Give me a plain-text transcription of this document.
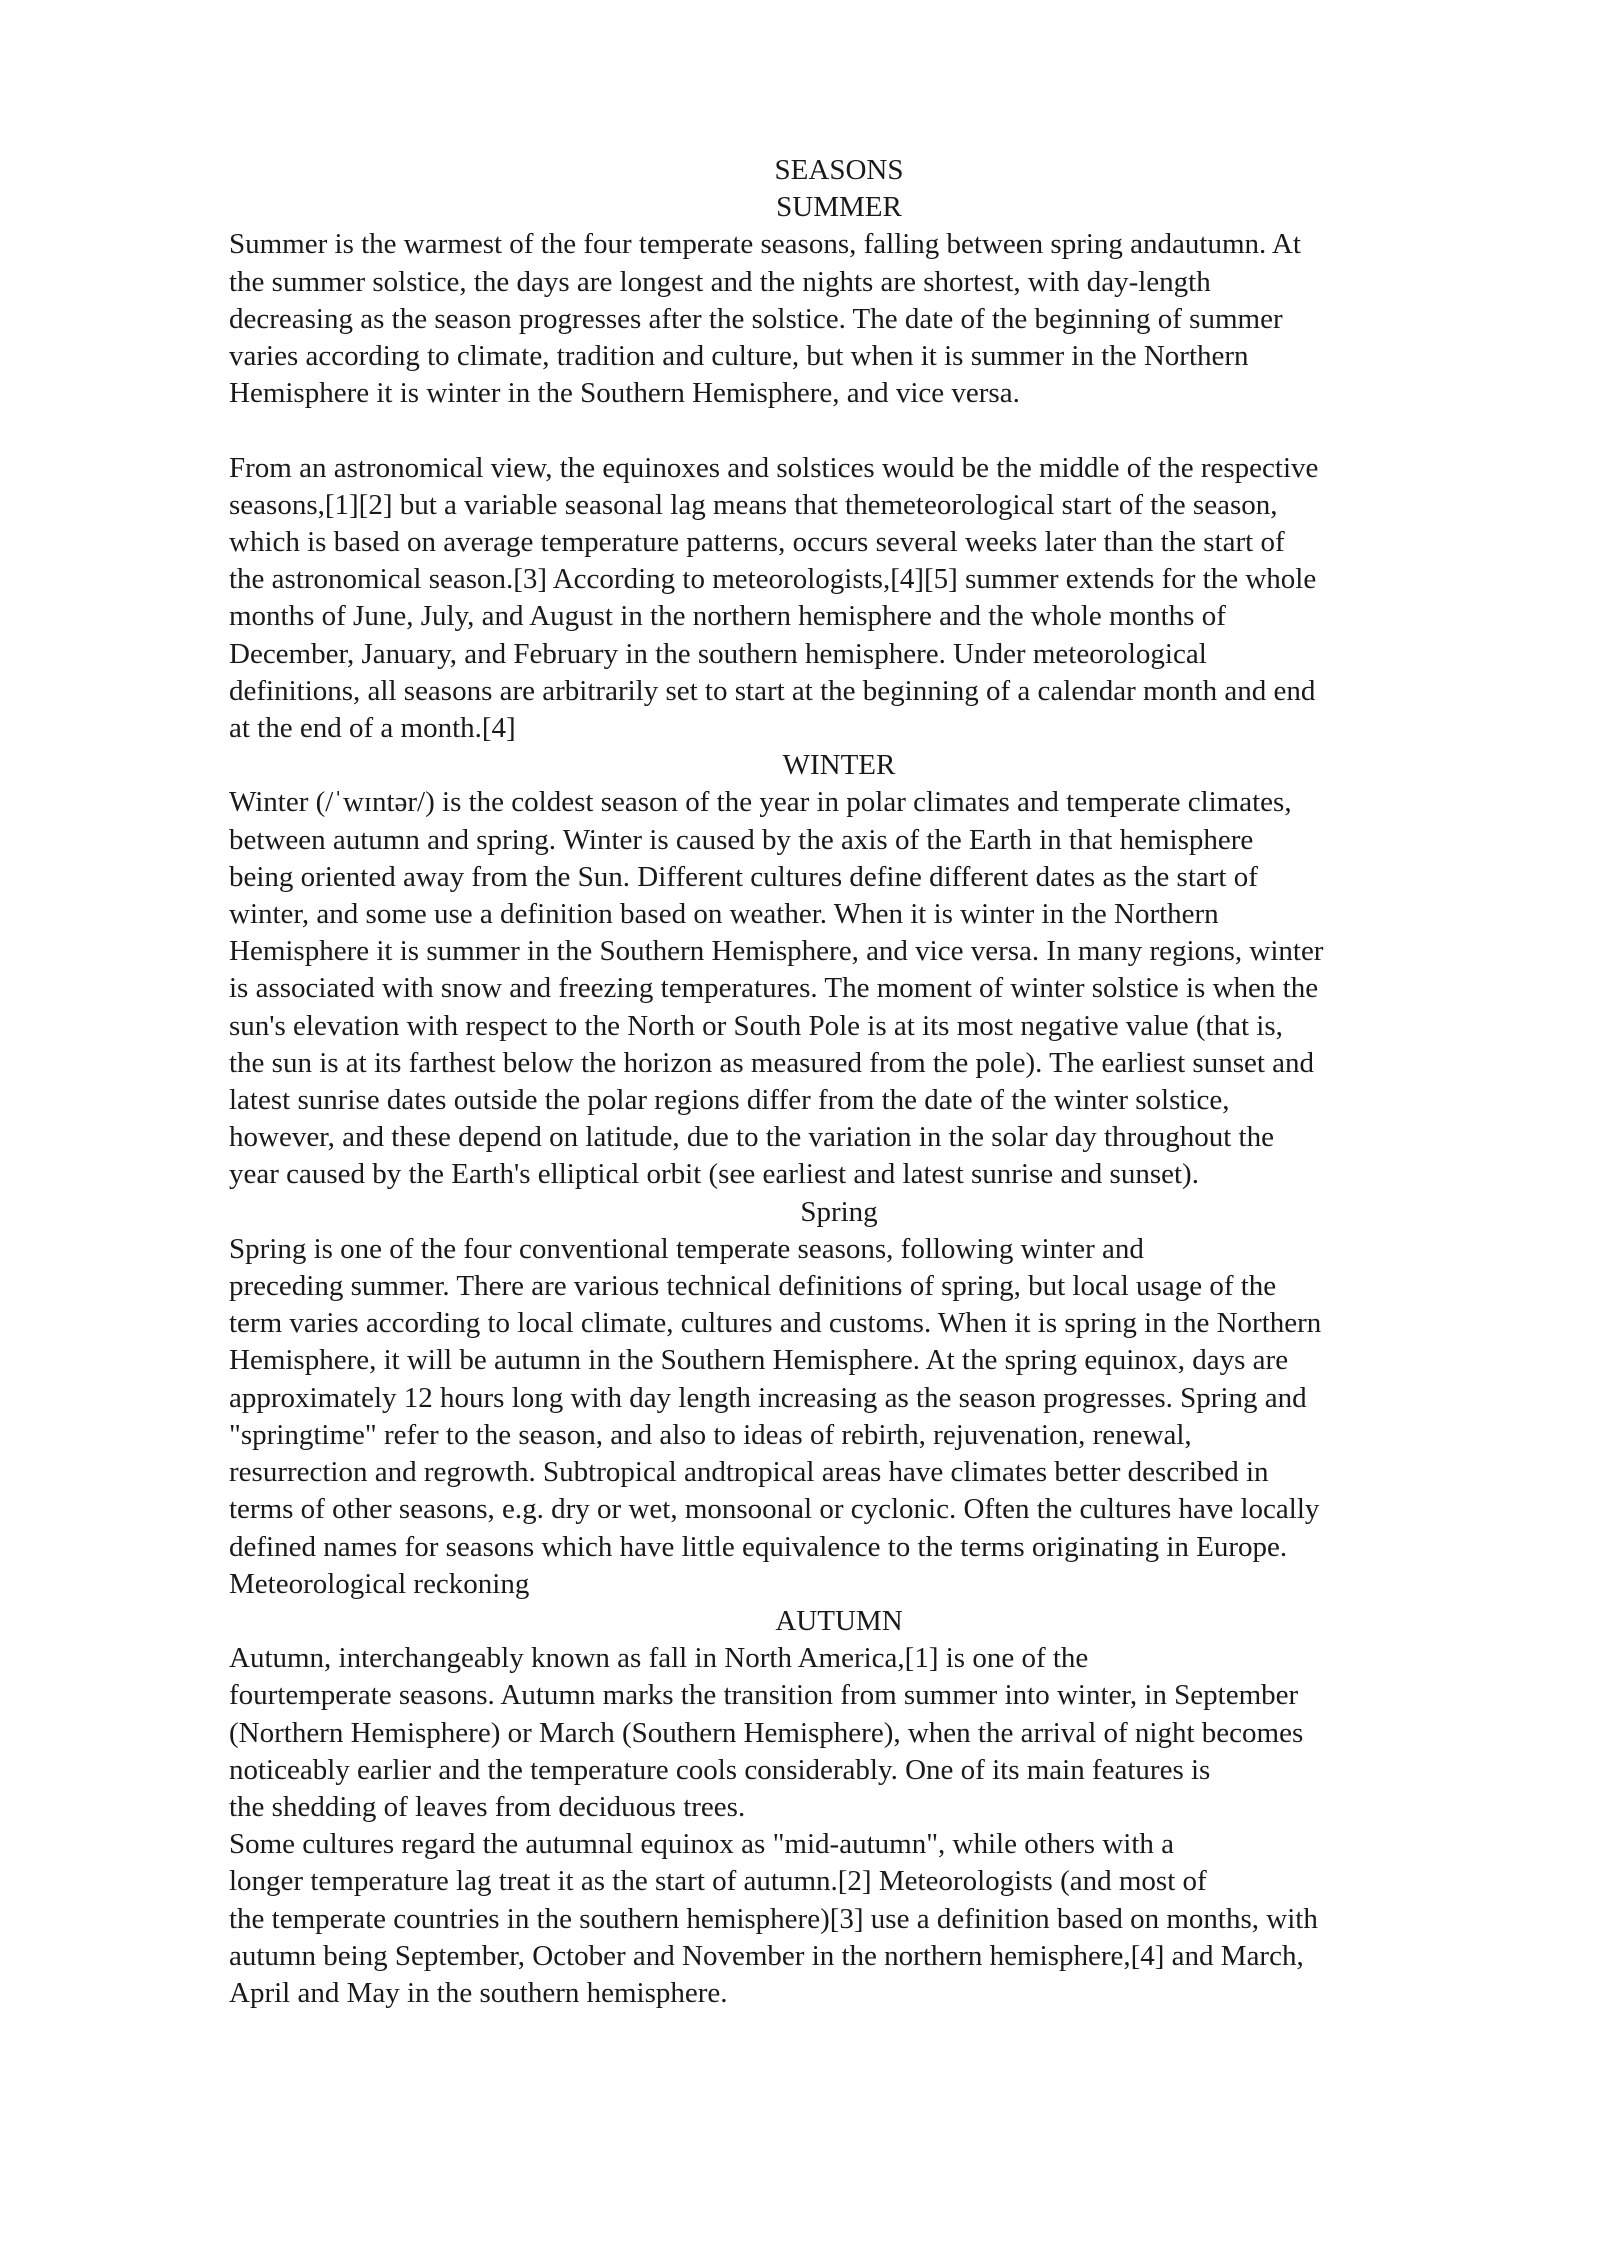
SEASONS
SUMMER

Summer is the warmest of the four temperate seasons, falling between spring andautumn. At
the summer solstice, the days are longest and the nights are shortest, with day-length
decreasing as the season progresses after the solstice. The date of the beginning of summer
varies according to climate, tradition and culture, but when it is summer in the Northern
Hemisphere it is winter in the Southern Hemisphere, and vice versa.

From an astronomical view, the equinoxes and solstices would be the middle of the respective
seasons,[1][2] but a variable seasonal lag means that themeteorological start of the season,
which is based on average temperature patterns, occurs several weeks later than the start of
the astronomical season.[3] According to meteorologists,[4][5] summer extends for the whole
months of June, July, and August in the northern hemisphere and the whole months of
December, January, and February in the southern hemisphere. Under meteorological
definitions, all seasons are arbitrarily set to start at the beginning of a calendar month and end
at the end of a month.[4]

WINTER

Winter (/ˈwɪntər/) is the coldest season of the year in polar climates and temperate climates,
between autumn and spring. Winter is caused by the axis of the Earth in that hemisphere
being oriented away from the Sun. Different cultures define different dates as the start of
winter, and some use a definition based on weather. When it is winter in the Northern
Hemisphere it is summer in the Southern Hemisphere, and vice versa. In many regions, winter
is associated with snow and freezing temperatures. The moment of winter solstice is when the
sun's elevation with respect to the North or South Pole is at its most negative value (that is,
the sun is at its farthest below the horizon as measured from the pole). The earliest sunset and
latest sunrise dates outside the polar regions differ from the date of the winter solstice,
however, and these depend on latitude, due to the variation in the solar day throughout the
year caused by the Earth's elliptical orbit (see earliest and latest sunrise and sunset).

Spring

Spring is one of the four conventional temperate seasons, following winter and
preceding summer. There are various technical definitions of spring, but local usage of the
term varies according to local climate, cultures and customs. When it is spring in the Northern
Hemisphere, it will be autumn in the Southern Hemisphere. At the spring equinox, days are
approximately 12 hours long with day length increasing as the season progresses. Spring and
"springtime" refer to the season, and also to ideas of rebirth, rejuvenation, renewal,
resurrection and regrowth. Subtropical andtropical areas have climates better described in
terms of other seasons, e.g. dry or wet, monsoonal or cyclonic. Often the cultures have locally
defined names for seasons which have little equivalence to the terms originating in Europe.
Meteorological reckoning

AUTUMN

Autumn, interchangeably known as fall in North America,[1] is one of the
fourtemperate seasons. Autumn marks the transition from summer into winter, in September
(Northern Hemisphere) or March (Southern Hemisphere), when the arrival of night becomes
noticeably earlier and the temperature cools considerably. One of its main features is
the shedding of leaves from deciduous trees.

Some cultures regard the autumnal equinox as "mid-autumn", while others with a
longer temperature lag treat it as the start of autumn.[2] Meteorologists (and most of
the temperate countries in the southern hemisphere)[3] use a definition based on months, with
autumn being September, October and November in the northern hemisphere,[4] and March,
April and May in the southern hemisphere.
